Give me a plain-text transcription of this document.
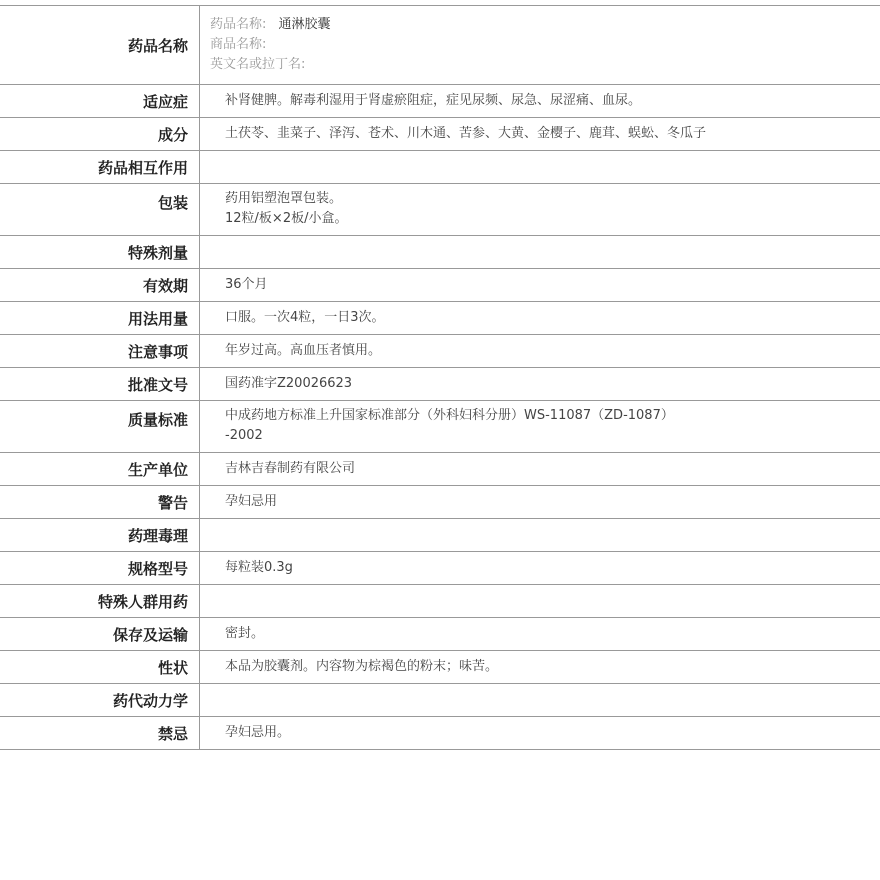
药品名称
药品名称: 通淋胶囊
商品名称:
英文名或拉丁名:
适应症	补肾健脾。解毒利湿用于肾虚瘀阻症，症见尿频、尿急、尿涩痛、血尿。
成分	土茯苓、韭菜子、泽泻、苍术、川木通、苦参、大黄、金樱子、鹿茸、蜈蚣、冬瓜子
药品相互作用
包装	药用铝塑泡罩包装。
12粒/板×2板/小盒。
特殊剂量
有效期	36个月
用法用量	口服。一次4粒，一日3次。
注意事项	年岁过高。高血压者慎用。
批准文号	国药准字Z20026623
质量标准	中成药地方标准上升国家标准部分（外科妇科分册）WS-11087（ZD-1087）
-2002
生产单位	吉林吉春制药有限公司
警告	孕妇忌用
药理毒理
规格型号	每粒装0.3g
特殊人群用药
保存及运输	密封。
性状	本品为胶囊剂。内容物为棕褐色的粉末；味苦。
药代动力学
禁忌	孕妇忌用。
